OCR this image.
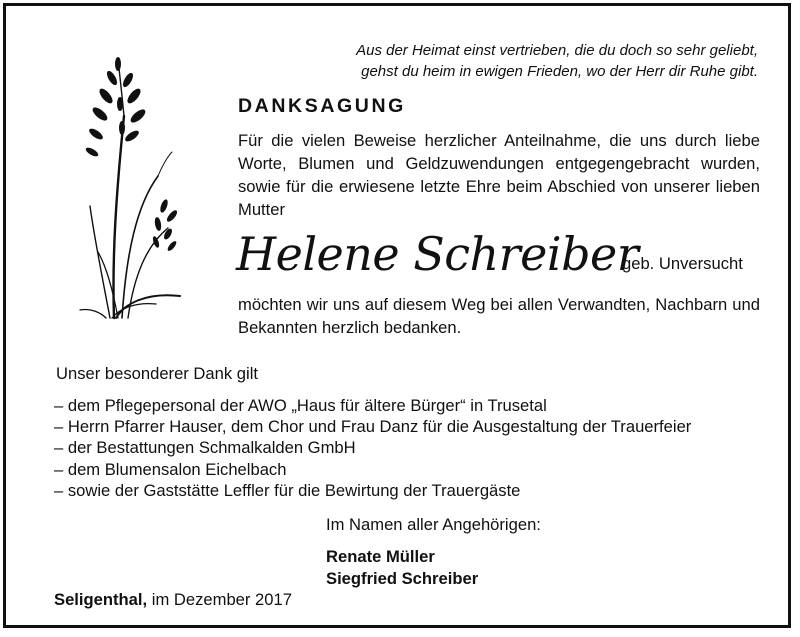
Aus der Heimat einst vertrieben, die du doch so sehr geliebt,
gehst du heim in ewigen Frieden, wo der Herr dir Ruhe gibt.
DANKSAGUNG
Für die vielen Beweise herzlicher Anteilnahme, die uns durch liebe Worte, Blumen und Geldzuwendungen entgegengebracht wurden, sowie für die erwiesene letzte Ehre beim Abschied von unserer lieben Mutter
Helene Schreiber
geb. Unversucht
möchten wir uns auf diesem Weg bei allen Verwandten, Nachbarn und Bekannten herzlich bedanken.
Unser besonderer Dank gilt
– dem Pflegepersonal der AWO „Haus für ältere Bürger“ in Trusetal
– Herrn Pfarrer Hauser, dem Chor und Frau Danz für die Ausgestaltung der Trauerfeier
– der Bestattungen Schmalkalden GmbH
– dem Blumensalon Eichelbach
– sowie der Gaststätte Leffler für die Bewirtung der Trauergäste
Im Namen aller Angehörigen:
Renate Müller
Siegfried Schreiber
Seligenthal, im Dezember 2017
